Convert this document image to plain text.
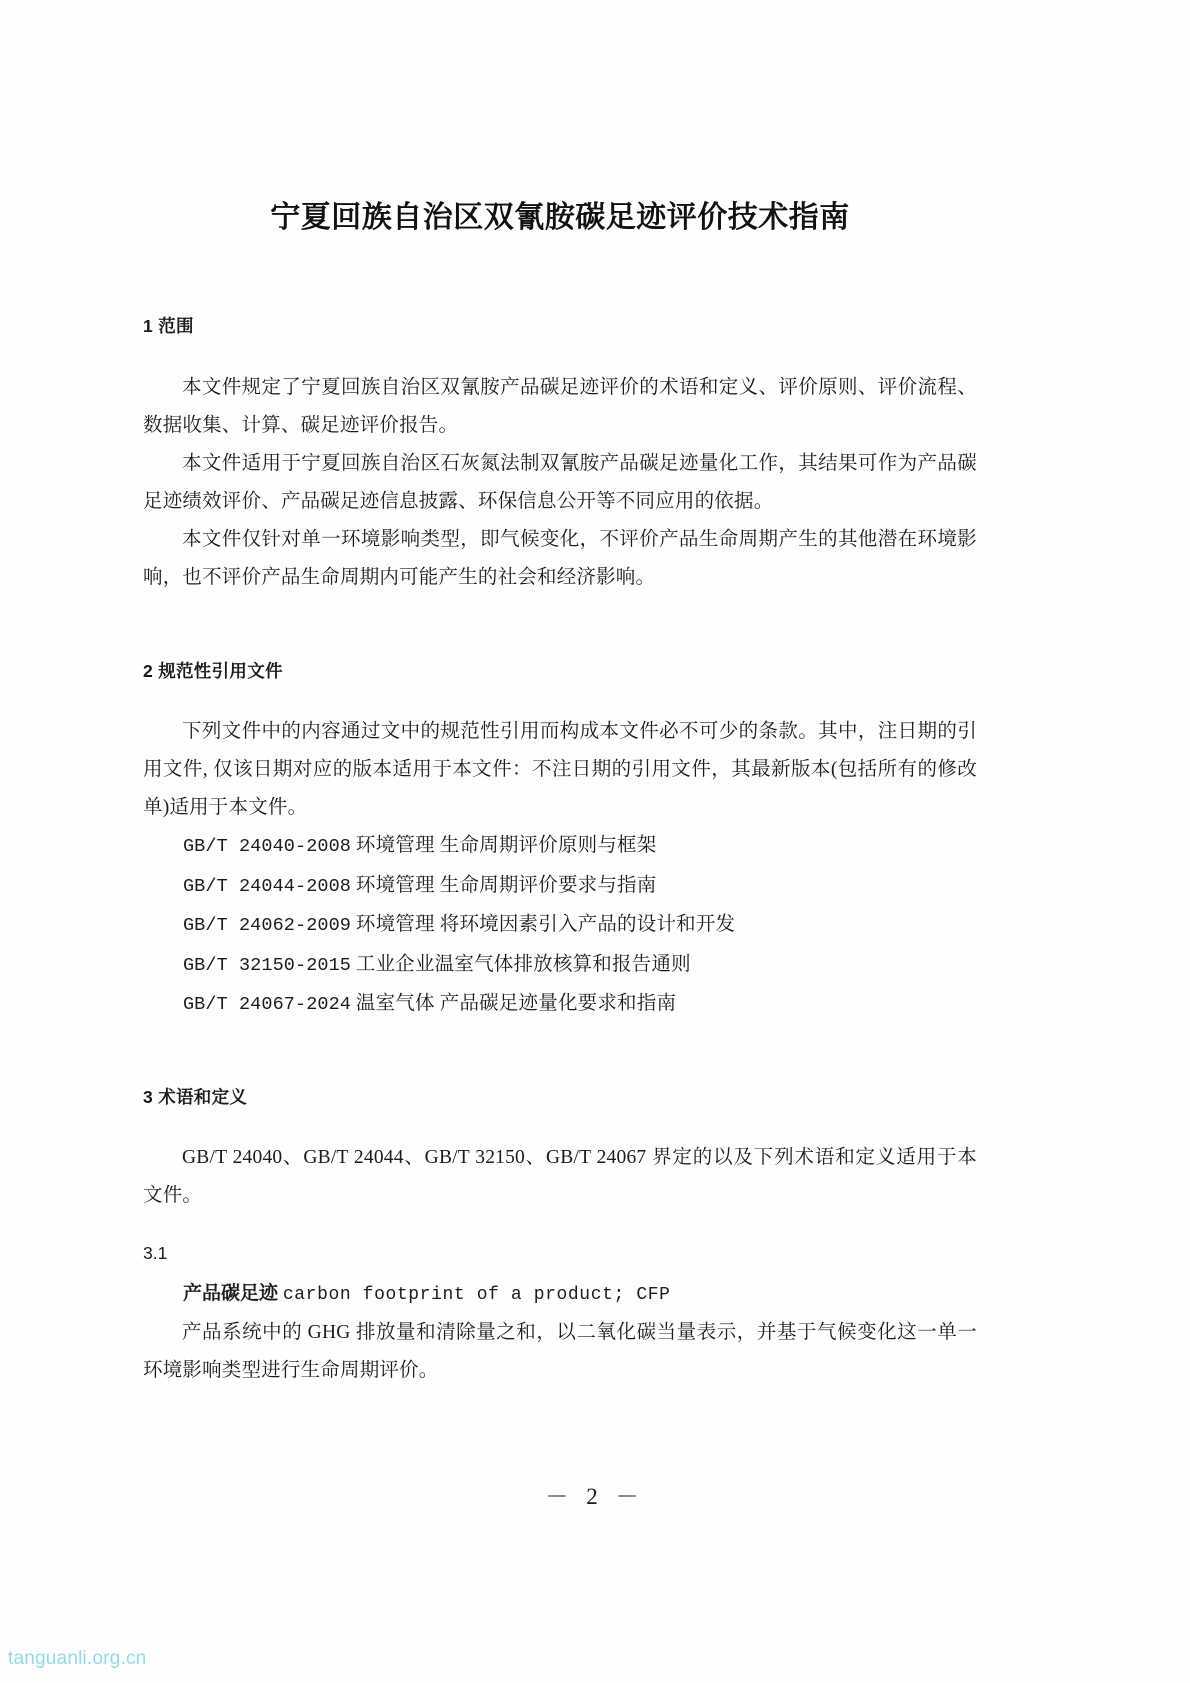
宁夏回族自治区双氰胺碳足迹评价技术指南
1 范围

本文件规定了宁夏回族自治区双氰胺产品碳足迹评价的术语和定义、评价原则、评价流程、数据收集、计算、碳足迹评价报告。

本文件适用于宁夏回族自治区石灰氮法制双氰胺产品碳足迹量化工作，其结果可作为产品碳足迹绩效评价、产品碳足迹信息披露、环保信息公开等不同应用的依据。

本文件仅针对单一环境影响类型，即气候变化，不评价产品生命周期产生的其他潜在环境影响，也不评价产品生命周期内可能产生的社会和经济影响。

2 规范性引用文件

下列文件中的内容通过文中的规范性引用而构成本文件必不可少的条款。其中，注日期的引用文件, 仅该日期对应的版本适用于本文件：不注日期的引用文件，其最新版本(包括所有的修改单)适用于本文件。

GB/T 24040-2008 环境管理 生命周期评价原则与框架
GB/T 24044-2008 环境管理 生命周期评价要求与指南
GB/T 24062-2009 环境管理 将环境因素引入产品的设计和开发
GB/T 32150-2015 工业企业温室气体排放核算和报告通则
GB/T 24067-2024 温室气体 产品碳足迹量化要求和指南
3 术语和定义

GB/T 24040、GB/T 24044、GB/T 32150、GB/T 24067 界定的以及下列术语和定义适用于本文件。

3.1
产品碳足迹 carbon footprint of a product; CFP

产品系统中的 GHG 排放量和清除量之和，以二氧化碳当量表示，并基于气候变化这一单一环境影响类型进行生命周期评价。

－ 2 －
tanguanli.org.cn
